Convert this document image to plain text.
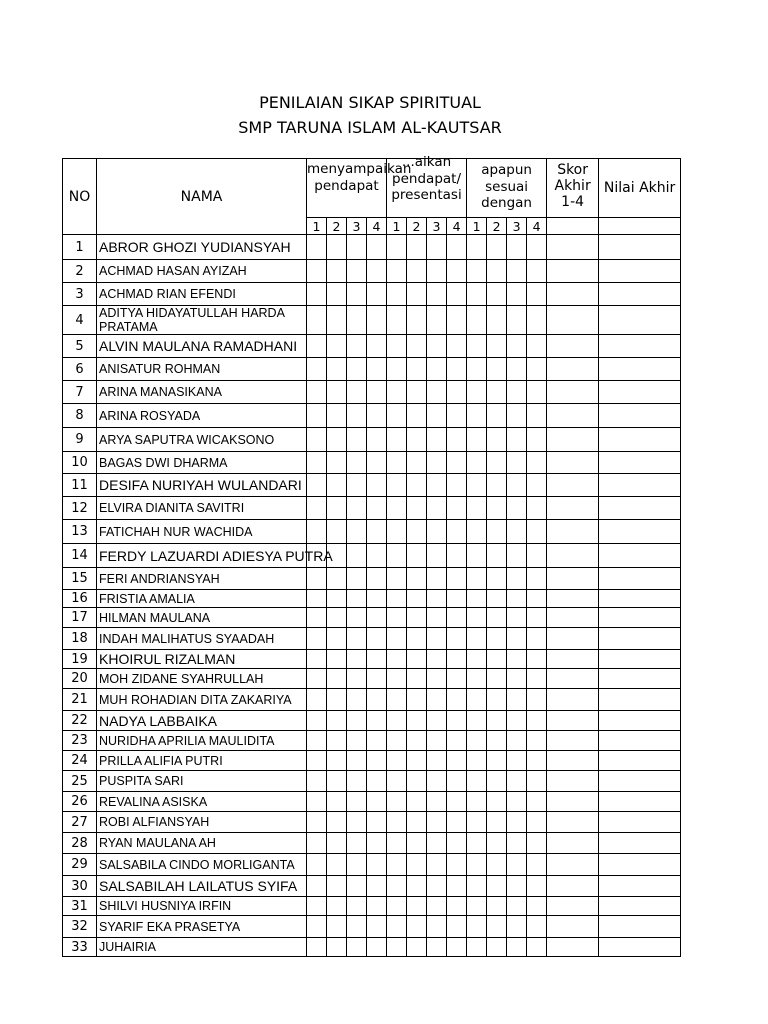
PENILAIAN SIKAP SPIRITUAL
SMP TARUNA ISLAM AL-KAUTSAR
NO	NAMA	menyampaikan pendapat				...aikan pendapat/ presentasi				apapun sesuai dengan				Skor Akhir 1-4	Nilai Akhir
		1	2	3	4	1	2	3	4	1	2	3	4		
1	ABROR GHOZI YUDIANSYAH														
2	ACHMAD HASAN AYIZAH														
3	ACHMAD RIAN EFENDI														
4	ADITYA HIDAYATULLAH HARDA PRATAMA														
5	ALVIN MAULANA RAMADHANI														
6	ANISATUR ROHMAN														
7	ARINA MANASIKANA														
8	ARINA ROSYADA														
9	ARYA SAPUTRA WICAKSONO														
10	BAGAS DWI DHARMA														
11	DESIFA NURIYAH WULANDARI														
12	ELVIRA DIANITA SAVITRI														
13	FATICHAH NUR WACHIDA														
14	FERDY LAZUARDI ADIESYA PUTRA														
15	FERI ANDRIANSYAH														
16	FRISTIA AMALIA														
17	HILMAN MAULANA														
18	INDAH MALIHATUS SYAADAH														
19	KHOIRUL RIZALMAN														
20	MOH ZIDANE SYAHRULLAH														
21	MUH ROHADIAN DITA ZAKARIYA														
22	NADYA LABBAIKA														
23	NURIDHA APRILIA MAULIDITA														
24	PRILLA ALIFIA PUTRI														
25	PUSPITA SARI														
26	REVALINA ASISKA														
27	ROBI ALFIANSYAH														
28	RYAN MAULANA AH														
29	SALSABILA CINDO MORLIGANTA														
30	SALSABILAH LAILATUS SYIFA														
31	SHILVI HUSNIYA IRFIN														
32	SYARIF EKA PRASETYA														
33	JUHAIRIA														
